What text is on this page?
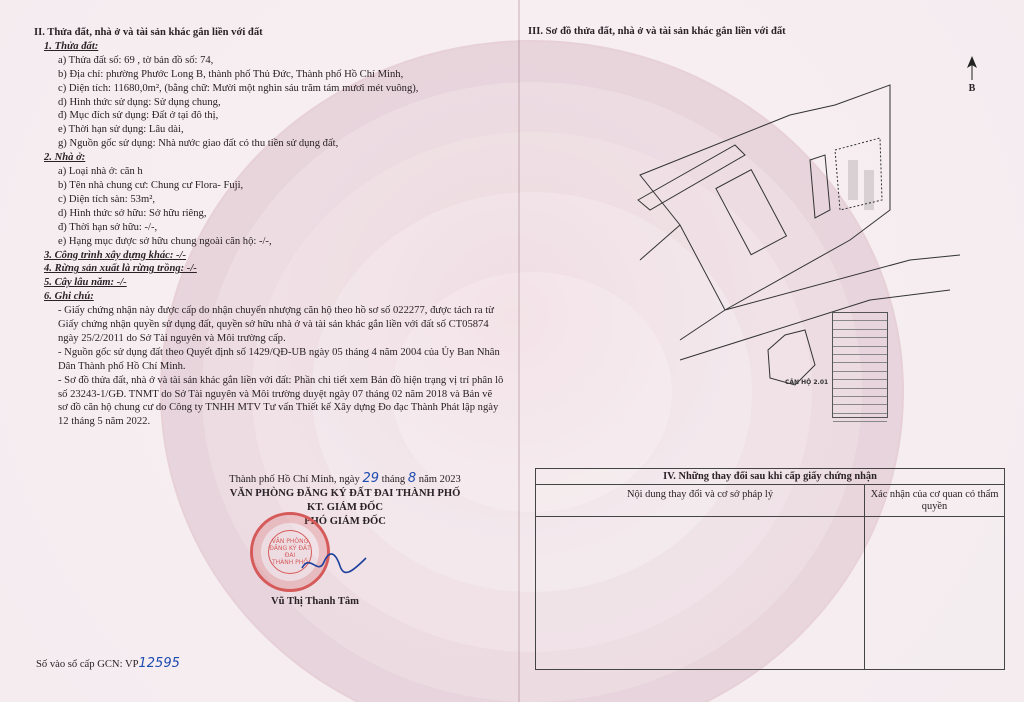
II. Thửa đất, nhà ở và tài sản khác gắn liền với đất

1. Thửa đất:

a) Thửa đất số: 69 , tờ bản đồ số: 74,

b) Địa chỉ: phường Phước Long B, thành phố Thủ Đức, Thành phố Hồ Chí Minh,

c) Diện tích: 11680,0m², (bằng chữ: Mười một nghìn sáu trăm tám mươi mét vuông),

d) Hình thức sử dụng: Sử dụng chung,

đ) Mục đích sử dụng: Đất ở tại đô thị,

e) Thời hạn sử dụng: Lâu dài,

g) Nguồn gốc sử dụng: Nhà nước giao đất có thu tiền sử dụng đất,

2. Nhà ở:

a) Loại nhà ở: căn h

b) Tên nhà chung cư: Chung cư Flora- Fuji,

c) Diện tích sàn: 53m²,

d) Hình thức sở hữu: Sở hữu riêng,

đ) Thời hạn sở hữu: -/-,

e) Hạng mục được sở hữu chung ngoài căn hộ: -/-,

3. Công trình xây dựng khác: -/-

4. Rừng sản xuất là rừng trồng: -/-

5. Cây lâu năm: -/-

6. Ghi chú:

- Giấy chứng nhận này được cấp do nhận chuyển nhượng căn hộ theo hồ sơ số 022277, được tách ra từ Giấy chứng nhận quyền sử dụng đất, quyền sở hữu nhà ở và tài sản khác gắn liền với đất số CT05874 ngày 25/2/2011 do Sở Tài nguyên và Môi trường cấp.

- Nguồn gốc sử dụng đất theo Quyết định số 1429/QĐ-UB ngày 05 tháng 4 năm 2004 của Ủy Ban Nhân Dân Thành phố Hồ Chí Minh.

- Sơ đồ thửa đất, nhà ở và tài sản khác gắn liền với đất: Phần chi tiết xem Bản đồ hiện trạng vị trí phân lô số 23243-1/GĐ. TNMT do Sở Tài nguyên và Môi trường duyệt ngày 07 tháng 02 năm 2018 và Bản vẽ sơ đồ căn hộ chung cư do Công ty TNHH MTV Tư vấn Thiết kế Xây dựng Đo đạc Thành Phát lập ngày 12 tháng 5 năm 2022.

Thành phố Hồ Chí Minh, ngày 29 tháng 8 năm 2023
VĂN PHÒNG ĐĂNG KÝ ĐẤT ĐAI THÀNH PHỐ
KT. GIÁM ĐỐC
PHÓ GIÁM ĐỐC
VĂN PHÒNG
ĐĂNG KÝ ĐẤT ĐAI
THÀNH PHỐ
Vũ Thị Thanh Tâm
Số vào sổ cấp GCN: VP12595
III. Sơ đồ thửa đất, nhà ở và tài sản khác gắn liền với đất
B
CĂN HỘ 2.01
IV. Những thay đổi sau khi cấp giấy chứng nhận
Nội dung thay đổi và cơ sở pháp lý	Xác nhận của cơ quan có thẩm quyền
